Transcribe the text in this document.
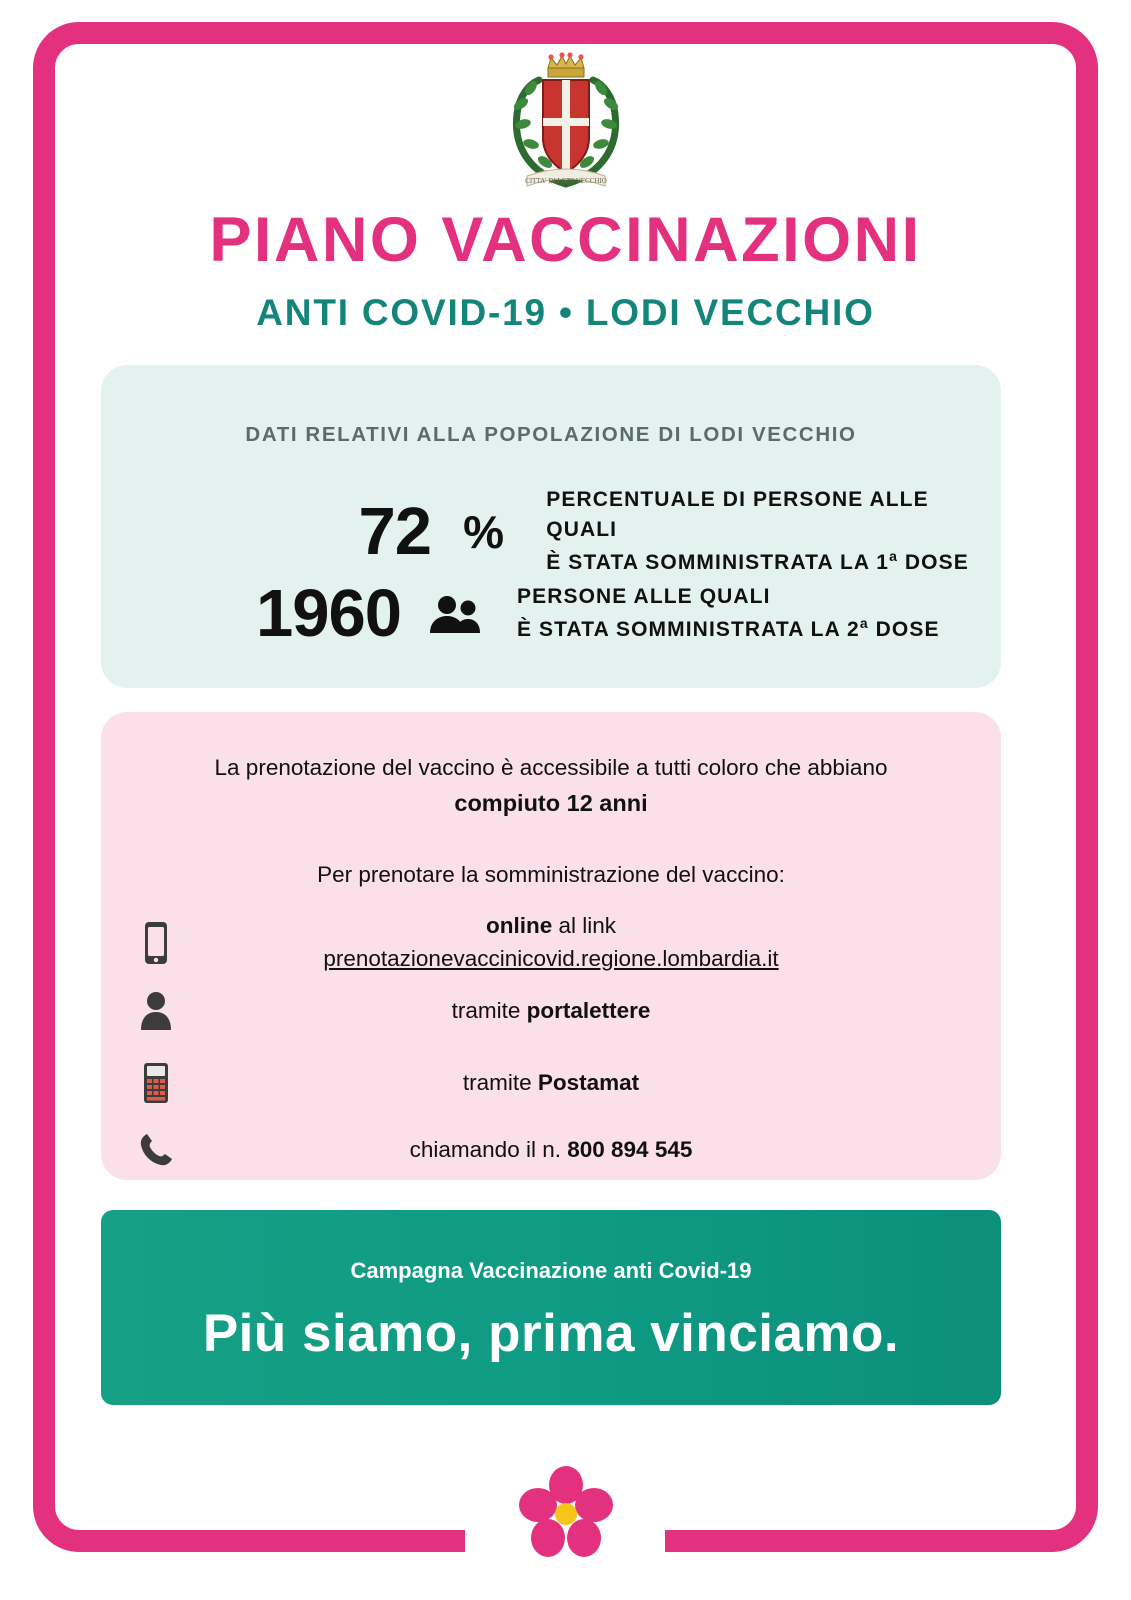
CITTA' DI LODI VECCHIO
PIANO VACCINAZIONI
ANTI COVID-19 • LODI VECCHIO
DATI RELATIVI ALLA POPOLAZIONE DI LODI VECCHIO
72 %
PERCENTUALE DI PERSONE ALLE QUALI
È STATA SOMMINISTRATA LA 1$^a$ DOSE
1960	PERSONE ALLE QUALI
È STATA SOMMINISTRATA LA 2$^a$ DOSE
La prenotazione del vaccino è accessibile a tutti coloro che abbiano
compiuto 12 anni
Per prenotare la somministrazione del vaccino:
online al link
prenotazionevaccinicovid.regione.lombardia.it
tramite portalettere
tramite Postamat
chiamando il n. 800 894 545
Campagna Vaccinazione anti Covid-19
Più siamo, prima vinciamo.
